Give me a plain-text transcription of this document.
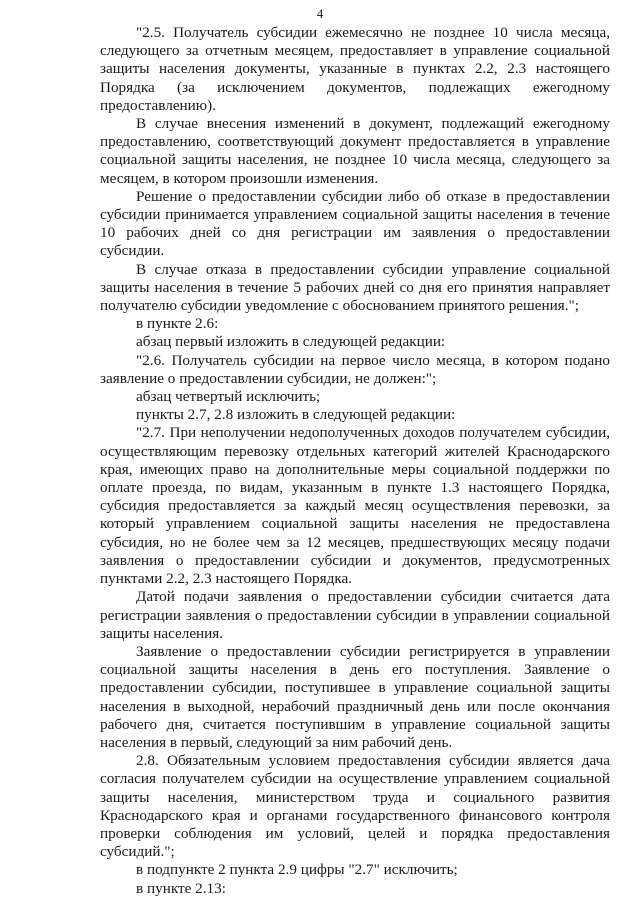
4

"2.5. Получатель субсидии ежемесячно не позднее 10 числа месяца, следующего за отчетным месяцем, предоставляет в управление социальной защиты населения документы, указанные в пунктах 2.2, 2.3 настоящего Порядка (за исключением документов, подлежащих ежегодному предоставлению).

В случае внесения изменений в документ, подлежащий ежегодному предоставлению, соответствующий документ предоставляется в управление социальной защиты населения, не позднее 10 числа месяца, следующего за месяцем, в котором произошли изменения.

Решение о предоставлении субсидии либо об отказе в предоставлении субсидии принимается управлением социальной защиты населения в течение 10 рабочих дней со дня регистрации им заявления о предоставлении субсидии.

В случае отказа в предоставлении субсидии управление социальной защиты населения в течение 5 рабочих дней со дня его принятия направляет получателю субсидии уведомление с обоснованием принятого решения.";

в пункте 2.6:

абзац первый изложить в следующей редакции:

"2.6. Получатель субсидии на первое число месяца, в котором подано заявление о предоставлении субсидии, не должен:";

абзац четвертый исключить;

пункты 2.7, 2.8 изложить в следующей редакции:

"2.7. При неполучении недополученных доходов получателем субсидии, осуществляющим перевозку отдельных категорий жителей Краснодарского края, имеющих право на дополнительные меры социальной поддержки по оплате проезда, по видам, указанным в пункте 1.3 настоящего Порядка, субсидия предоставляется за каждый месяц осуществления перевозки, за который управлением социальной защиты населения не предоставлена субсидия, но не более чем за 12 месяцев, предшествующих месяцу подачи заявления о предоставлении субсидии и документов, предусмотренных пунктами 2.2, 2.3 настоящего Порядка.

Датой подачи заявления о предоставлении субсидии считается дата регистрации заявления о предоставлении субсидии в управлении социальной защиты населения.

Заявление о предоставлении субсидии регистрируется в управлении социальной защиты населения в день его поступления. Заявление о предоставлении субсидии, поступившее в управление социальной защиты населения в выходной, нерабочий праздничный день или после окончания рабочего дня, считается поступившим в управление социальной защиты населения в первый, следующий за ним рабочий день.

2.8. Обязательным условием предоставления субсидии является дача согласия получателем субсидии на осуществление управлением социальной защиты населения, министерством труда и социального развития Краснодарского края и органами государственного финансового контроля проверки соблюдения им условий, целей и порядка предоставления субсидий.";

в подпункте 2 пункта 2.9 цифры "2.7" исключить;

в пункте 2.13:
